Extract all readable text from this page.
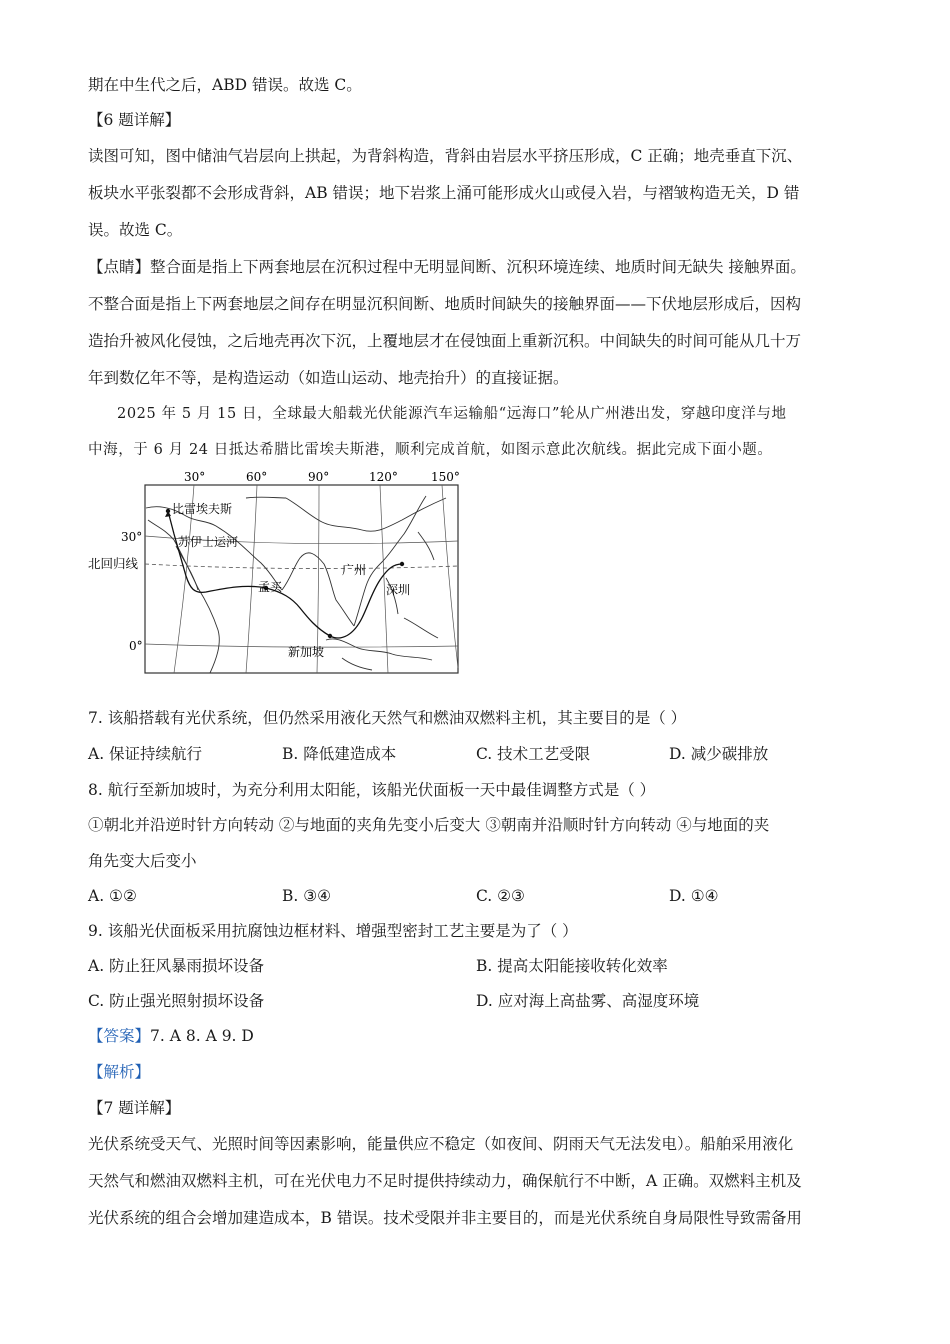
期在中生代之后，ABD 错误。故选 C。
【6 题详解】
读图可知，图中储油气岩层向上拱起，为背斜构造，背斜由岩层水平挤压形成，C 正确；地壳垂直下沉、
板块水平张裂都不会形成背斜，AB 错误；地下岩浆上涌可能形成火山或侵入岩，与褶皱构造无关，D 错
误。故选 C。
【点睛】整合面是指上下两套地层在沉积过程中无明显间断、沉积环境连续、地质时间无缺失 接触界面。
不整合面是指上下两套地层之间存在明显沉积间断、地质时间缺失的接触界面——下伏地层形成后，因构
造抬升被风化侵蚀，之后地壳再次下沉，上覆地层才在侵蚀面上重新沉积。中间缺失的时间可能从几十万
年到数亿年不等，是构造运动（如造山运动、地壳抬升）的直接证据。
2025 年 5 月 15 日，全球最大船载光伏能源汽车运输船“远海口”轮从广州港出发，穿越印度洋与地
中海，于 6 月 24 日抵达希腊比雷埃夫斯港，顺利完成首航，如图示意此次航线。据此完成下面小题。
30°	60°	90°	120°	150°
30°
0°
北回归线
比雷埃夫斯
苏伊士运河
孟买
广州
深圳
新加坡
7. 该船搭载有光伏系统，但仍然采用液化天然气和燃油双燃料主机，其主要目的是（ ）
A. 保证持续航行	B. 降低建造成本	C. 技术工艺受限	D. 减少碳排放
8. 航行至新加坡时，为充分利用太阳能，该船光伏面板一天中最佳调整方式是（ ）
①朝北并沿逆时针方向转动 ②与地面的夹角先变小后变大 ③朝南并沿顺时针方向转动 ④与地面的夹
角先变大后变小
A. ①②	B. ③④	C. ②③	D. ①④
9. 该船光伏面板采用抗腐蚀边框材料、增强型密封工艺主要是为了（ ）
A. 防止狂风暴雨损坏设备	B. 提高太阳能接收转化效率
C. 防止强光照射损坏设备	D. 应对海上高盐雾、高湿度环境
【答案】7. A 8. A 9. D
【解析】
【7 题详解】
光伏系统受天气、光照时间等因素影响，能量供应不稳定（如夜间、阴雨天气无法发电）。船舶采用液化
天然气和燃油双燃料主机，可在光伏电力不足时提供持续动力，确保航行不中断，A 正确。双燃料主机及
光伏系统的组合会增加建造成本，B 错误。技术受限并非主要目的，而是光伏系统自身局限性导致需备用
